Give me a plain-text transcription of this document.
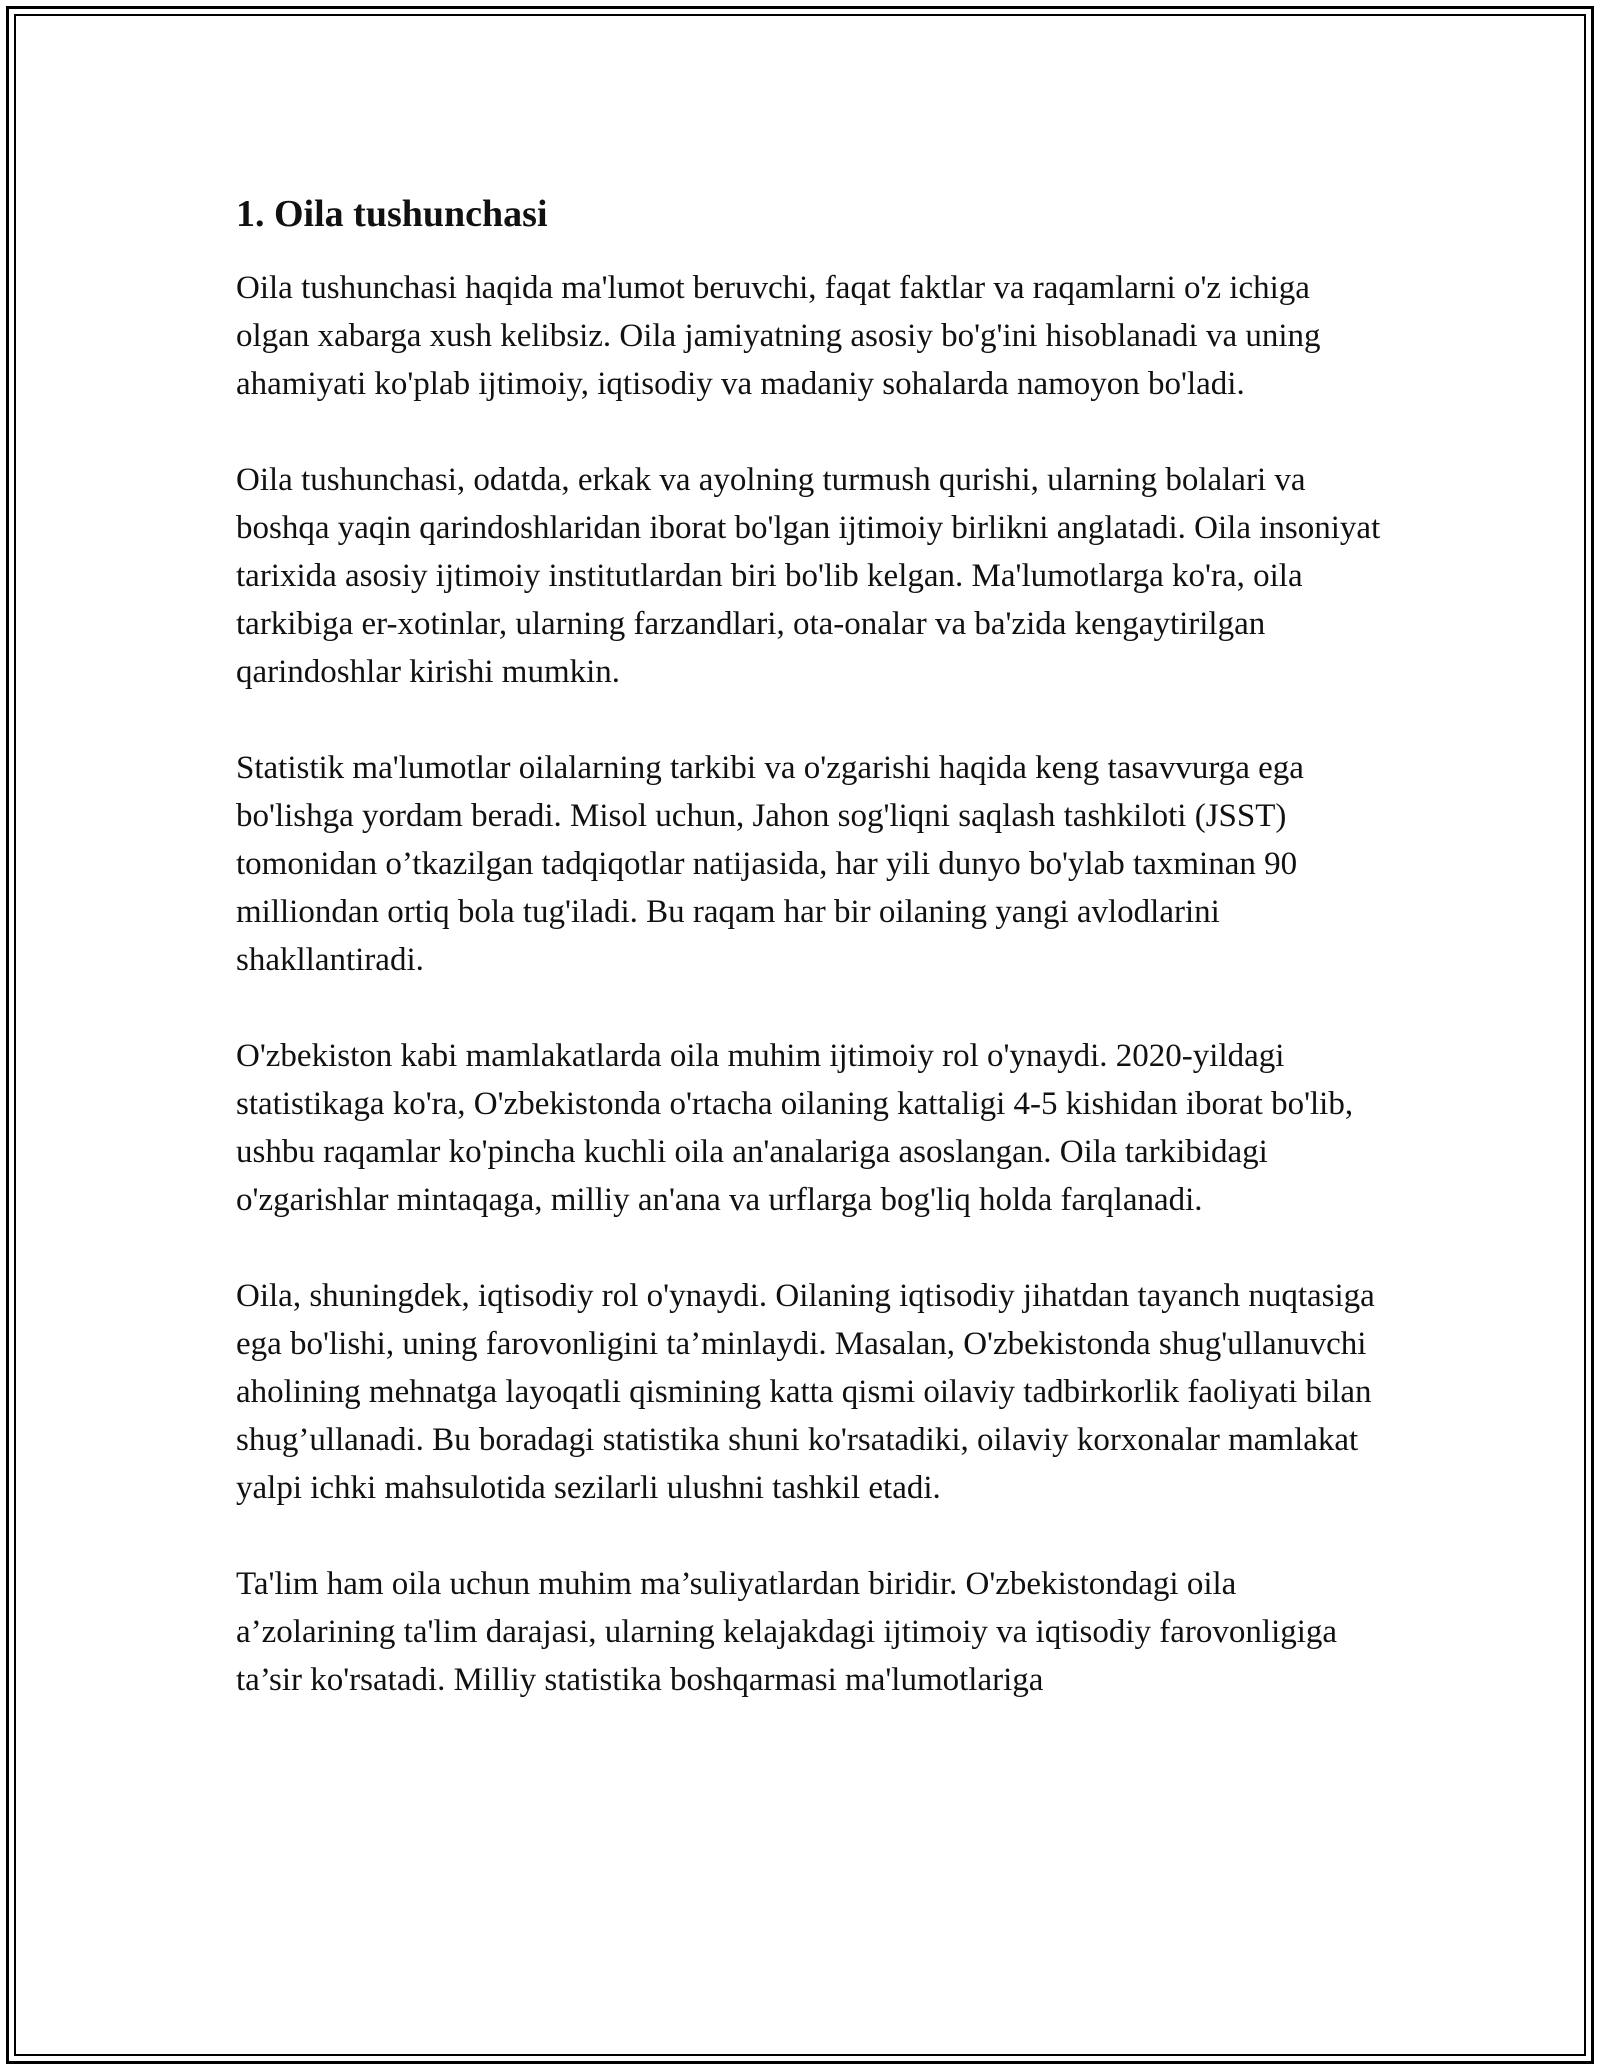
1. Oila tushunchasi

Oila tushunchasi haqida ma'lumot beruvchi, faqat faktlar va raqamlarni o'z ichiga olgan xabarga xush kelibsiz. Oila jamiyatning asosiy bo'g'ini hisoblanadi va uning ahamiyati ko'plab ijtimoiy, iqtisodiy va madaniy sohalarda namoyon bo'ladi.

Oila tushunchasi, odatda, erkak va ayolning turmush qurishi, ularning bolalari va boshqa yaqin qarindoshlaridan iborat bo'lgan ijtimoiy birlikni anglatadi. Oila insoniyat tarixida asosiy ijtimoiy institutlardan biri bo'lib kelgan. Ma'lumotlarga ko'ra, oila tarkibiga er-xotinlar, ularning farzandlari, ota-onalar va ba'zida kengaytirilgan qarindoshlar kirishi mumkin.

Statistik ma'lumotlar oilalarning tarkibi va o'zgarishi haqida keng tasavvurga ega bo'lishga yordam beradi. Misol uchun, Jahon sog'liqni saqlash tashkiloti (JSST) tomonidan o’tkazilgan tadqiqotlar natijasida, har yili dunyo bo'ylab taxminan 90 milliondan ortiq bola tug'iladi. Bu raqam har bir oilaning yangi avlodlarini shakllantiradi.

O'zbekiston kabi mamlakatlarda oila muhim ijtimoiy rol o'ynaydi. 2020-yildagi statistikaga ko'ra, O'zbekistonda o'rtacha oilaning kattaligi 4-5 kishidan iborat bo'lib, ushbu raqamlar ko'pincha kuchli oila an'analariga asoslangan. Oila tarkibidagi o'zgarishlar mintaqaga, milliy an'ana va urflarga bog'liq holda farqlanadi.

Oila, shuningdek, iqtisodiy rol o'ynaydi. Oilaning iqtisodiy jihatdan tayanch nuqtasiga ega bo'lishi, uning farovonligini ta’minlaydi. Masalan, O'zbekistonda shug'ullanuvchi aholining mehnatga layoqatli qismining katta qismi oilaviy tadbirkorlik faoliyati bilan shug’ullanadi. Bu boradagi statistika shuni ko'rsatadiki, oilaviy korxonalar mamlakat yalpi ichki mahsulotida sezilarli ulushni tashkil etadi.

Ta'lim ham oila uchun muhim ma’suliyatlardan biridir. O'zbekistondagi oila a’zolarining ta'lim darajasi, ularning kelajakdagi ijtimoiy va iqtisodiy farovonligiga ta’sir ko'rsatadi. Milliy statistika boshqarmasi ma'lumotlariga
